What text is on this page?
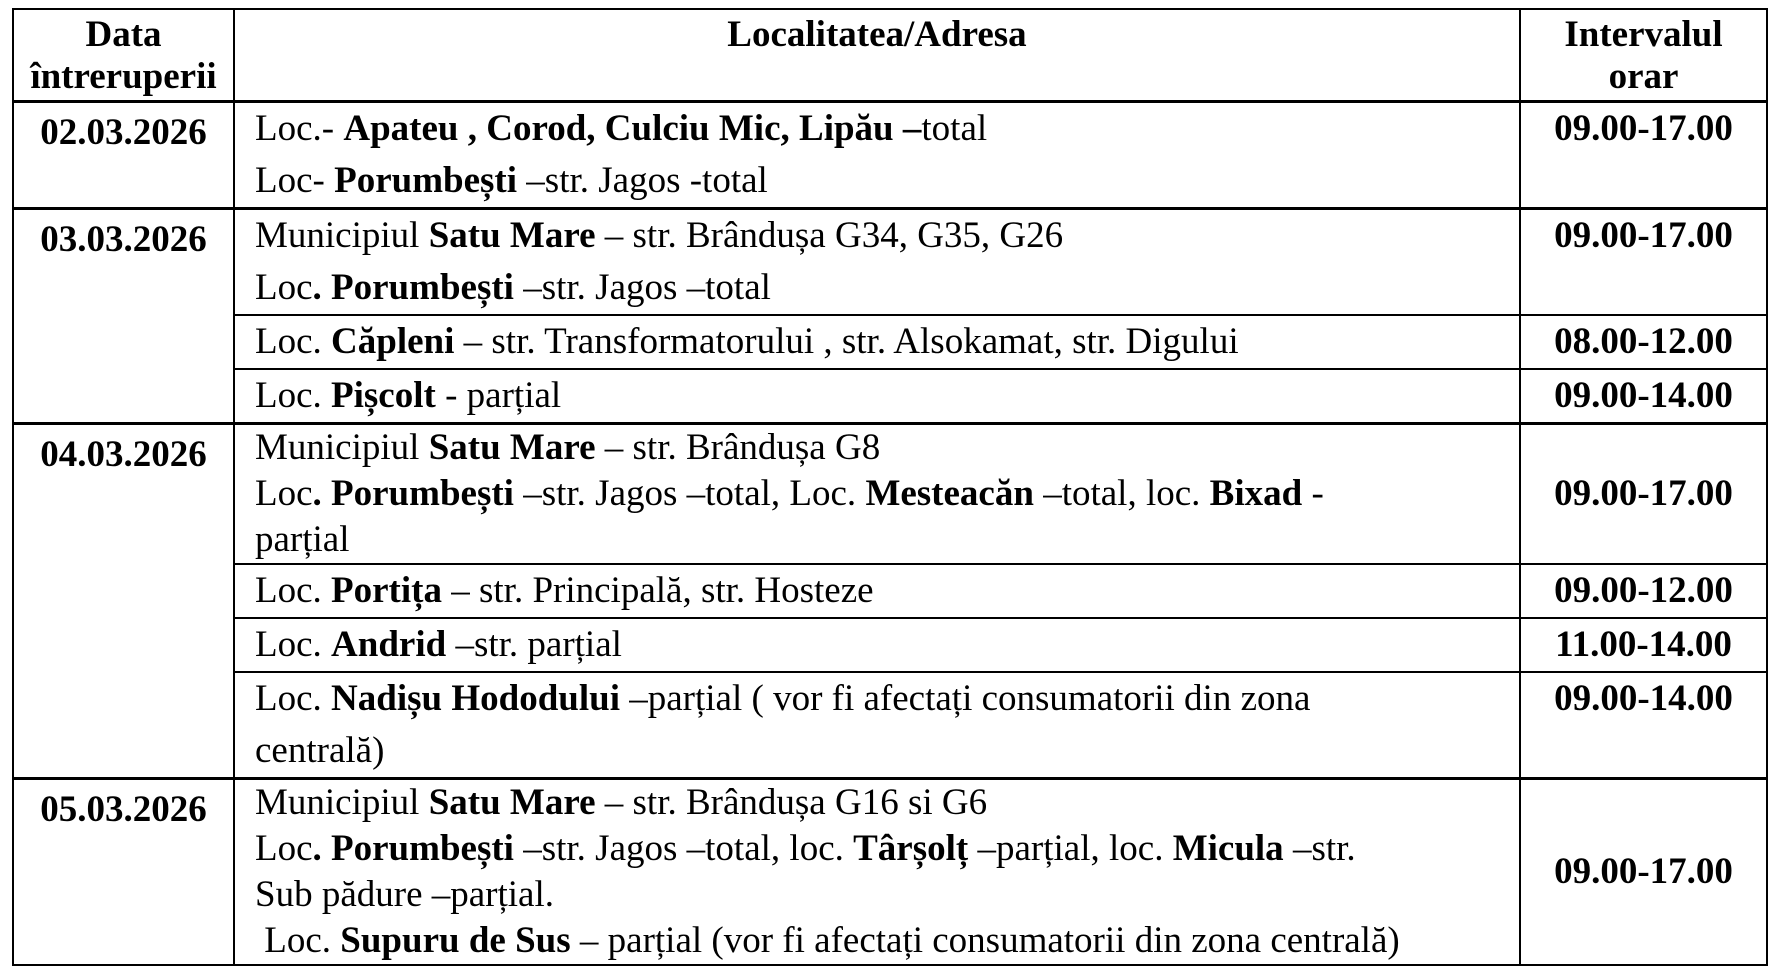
Data
întreruperii	Localitatea/Adresa	Intervalul
orar

02.03.2026	Loc.- Apateu , Corod, Culciu Mic, Lipău –total
Loc- Porumbești –str. Jagos -total	09.00-17.00
03.03.2026	Municipiul Satu Mare – str. Brândușa G34, G35, G26
Loc. Porumbești –str. Jagos –total	09.00-17.00

	Loc. Căpleni – str. Transformatorului , str. Alsokamat, str. Digului	08.00-12.00

	Loc. Pișcolt - parțial	09.00-14.00
04.03.2026	Municipiul Satu Mare – str. Brândușa G8
Loc. Porumbești –str. Jagos –total, Loc. Mesteacăn –total, loc. Bixad -
parțial	09.00-17.00

	Loc. Portița – str. Principală, str. Hosteze	09.00-12.00

	Loc. Andrid –str. parțial	11.00-14.00

	Loc. Nadișu Hododului –parțial ( vor fi afectați consumatorii din zona
centrală)	09.00-14.00
05.03.2026	Municipiul Satu Mare – str. Brândușa G16 si G6
Loc. Porumbești –str. Jagos –total, loc. Târșolț –parțial, loc. Micula –str.
Sub pădure –parțial.
Loc. Supuru de Sus – parțial (vor fi afectați consumatorii din zona centrală)	09.00-17.00
